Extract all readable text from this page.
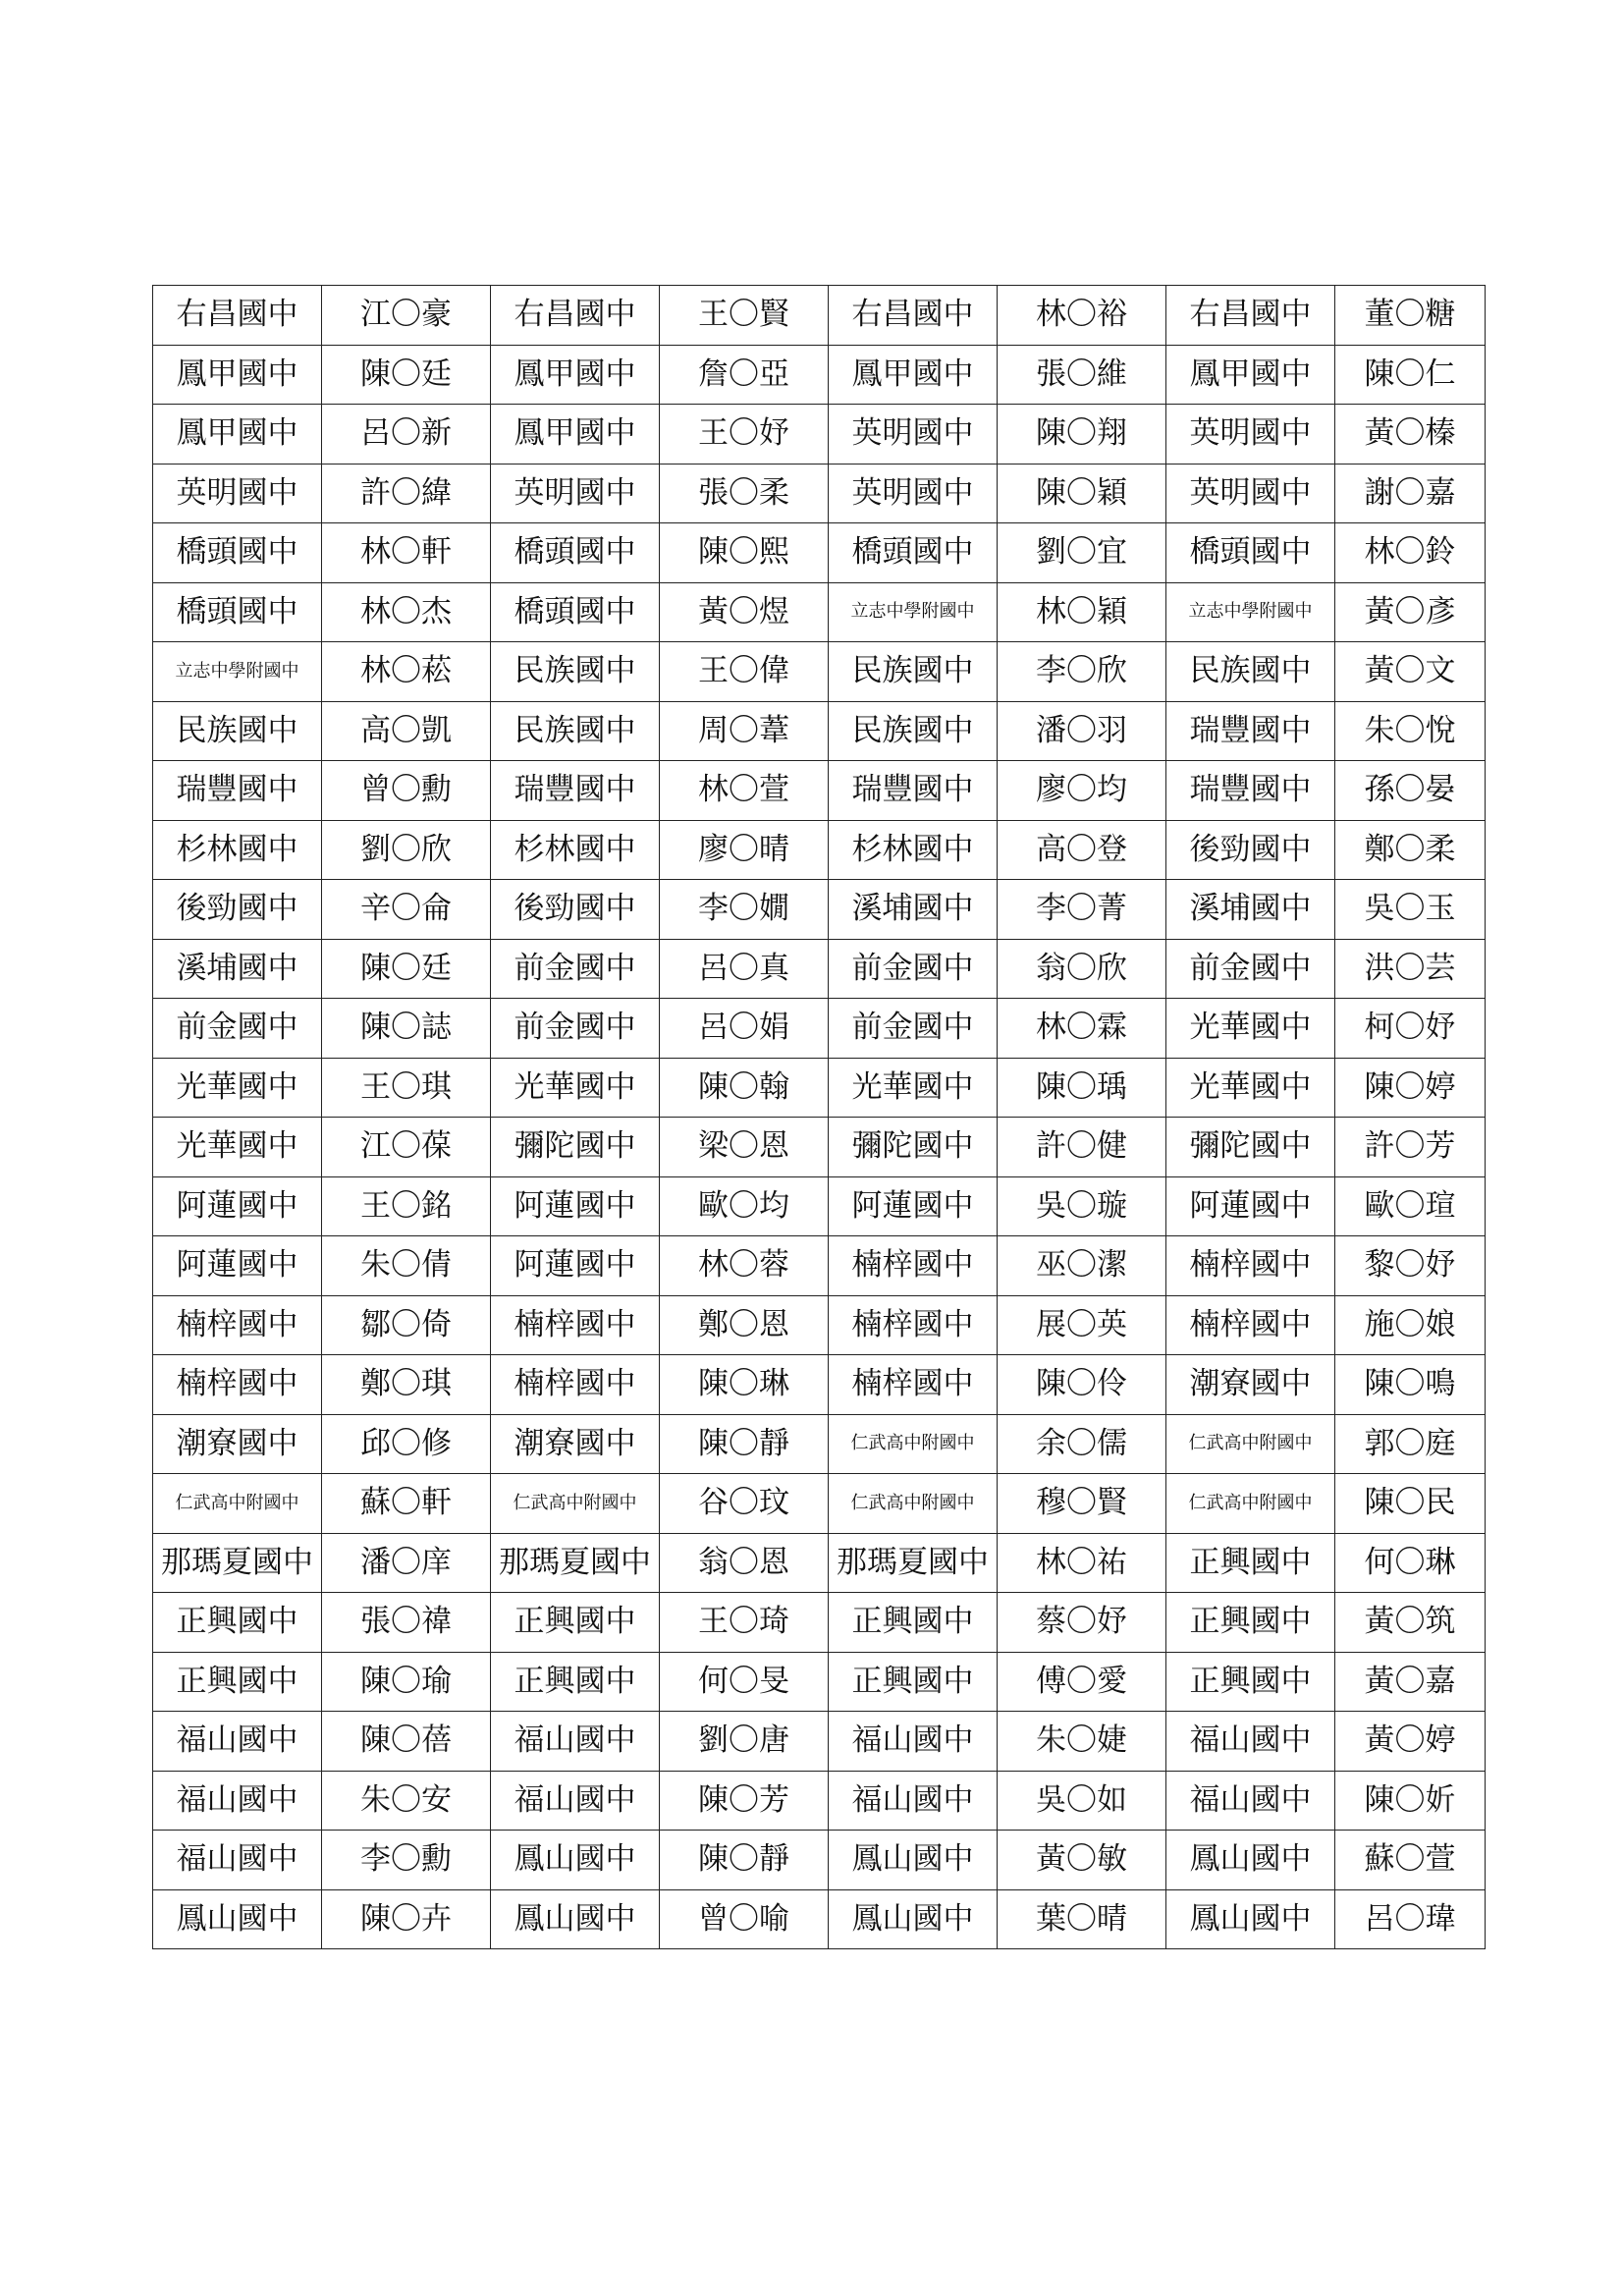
右昌國中	江〇豪	右昌國中	王〇賢	右昌國中	林〇裕	右昌國中	董〇糖
鳳甲國中	陳〇廷	鳳甲國中	詹〇亞	鳳甲國中	張〇維	鳳甲國中	陳〇仁
鳳甲國中	呂〇新	鳳甲國中	王〇妤	英明國中	陳〇翔	英明國中	黃〇榛
英明國中	許〇緯	英明國中	張〇柔	英明國中	陳〇穎	英明國中	謝〇嘉
橋頭國中	林〇軒	橋頭國中	陳〇熙	橋頭國中	劉〇宜	橋頭國中	林〇鈴
橋頭國中	林〇杰	橋頭國中	黃〇煜	立志中學附國中	林〇穎	立志中學附國中	黃〇彥
立志中學附國中	林〇菘	民族國中	王〇偉	民族國中	李〇欣	民族國中	黃〇文
民族國中	高〇凱	民族國中	周〇葦	民族國中	潘〇羽	瑞豐國中	朱〇悅
瑞豐國中	曾〇勳	瑞豐國中	林〇萱	瑞豐國中	廖〇均	瑞豐國中	孫〇晏
杉林國中	劉〇欣	杉林國中	廖〇晴	杉林國中	高〇登	後勁國中	鄭〇柔
後勁國中	辛〇侖	後勁國中	李〇嫺	溪埔國中	李〇菁	溪埔國中	吳〇玉
溪埔國中	陳〇廷	前金國中	呂〇真	前金國中	翁〇欣	前金國中	洪〇芸
前金國中	陳〇誌	前金國中	呂〇娟	前金國中	林〇霖	光華國中	柯〇妤
光華國中	王〇琪	光華國中	陳〇翰	光華國中	陳〇瑀	光華國中	陳〇婷
光華國中	江〇葆	彌陀國中	梁〇恩	彌陀國中	許〇健	彌陀國中	許〇芳
阿蓮國中	王〇銘	阿蓮國中	歐〇均	阿蓮國中	吳〇璇	阿蓮國中	歐〇瑄
阿蓮國中	朱〇倩	阿蓮國中	林〇蓉	楠梓國中	巫〇潔	楠梓國中	黎〇妤
楠梓國中	鄒〇倚	楠梓國中	鄭〇恩	楠梓國中	展〇英	楠梓國中	施〇娘
楠梓國中	鄭〇琪	楠梓國中	陳〇琳	楠梓國中	陳〇伶	潮寮國中	陳〇鳴
潮寮國中	邱〇修	潮寮國中	陳〇靜	仁武高中附國中	余〇儒	仁武高中附國中	郭〇庭
仁武高中附國中	蘇〇軒	仁武高中附國中	谷〇玟	仁武高中附國中	穆〇賢	仁武高中附國中	陳〇民
那瑪夏國中	潘〇庠	那瑪夏國中	翁〇恩	那瑪夏國中	林〇祐	正興國中	何〇琳
正興國中	張〇禕	正興國中	王〇琦	正興國中	蔡〇妤	正興國中	黃〇筑
正興國中	陳〇瑜	正興國中	何〇旻	正興國中	傅〇愛	正興國中	黃〇嘉
福山國中	陳〇蓓	福山國中	劉〇唐	福山國中	朱〇婕	福山國中	黃〇婷
福山國中	朱〇安	福山國中	陳〇芳	福山國中	吳〇如	福山國中	陳〇妡
福山國中	李〇勳	鳳山國中	陳〇靜	鳳山國中	黃〇敏	鳳山國中	蘇〇萱
鳳山國中	陳〇卉	鳳山國中	曾〇喻	鳳山國中	葉〇晴	鳳山國中	呂〇瑋
